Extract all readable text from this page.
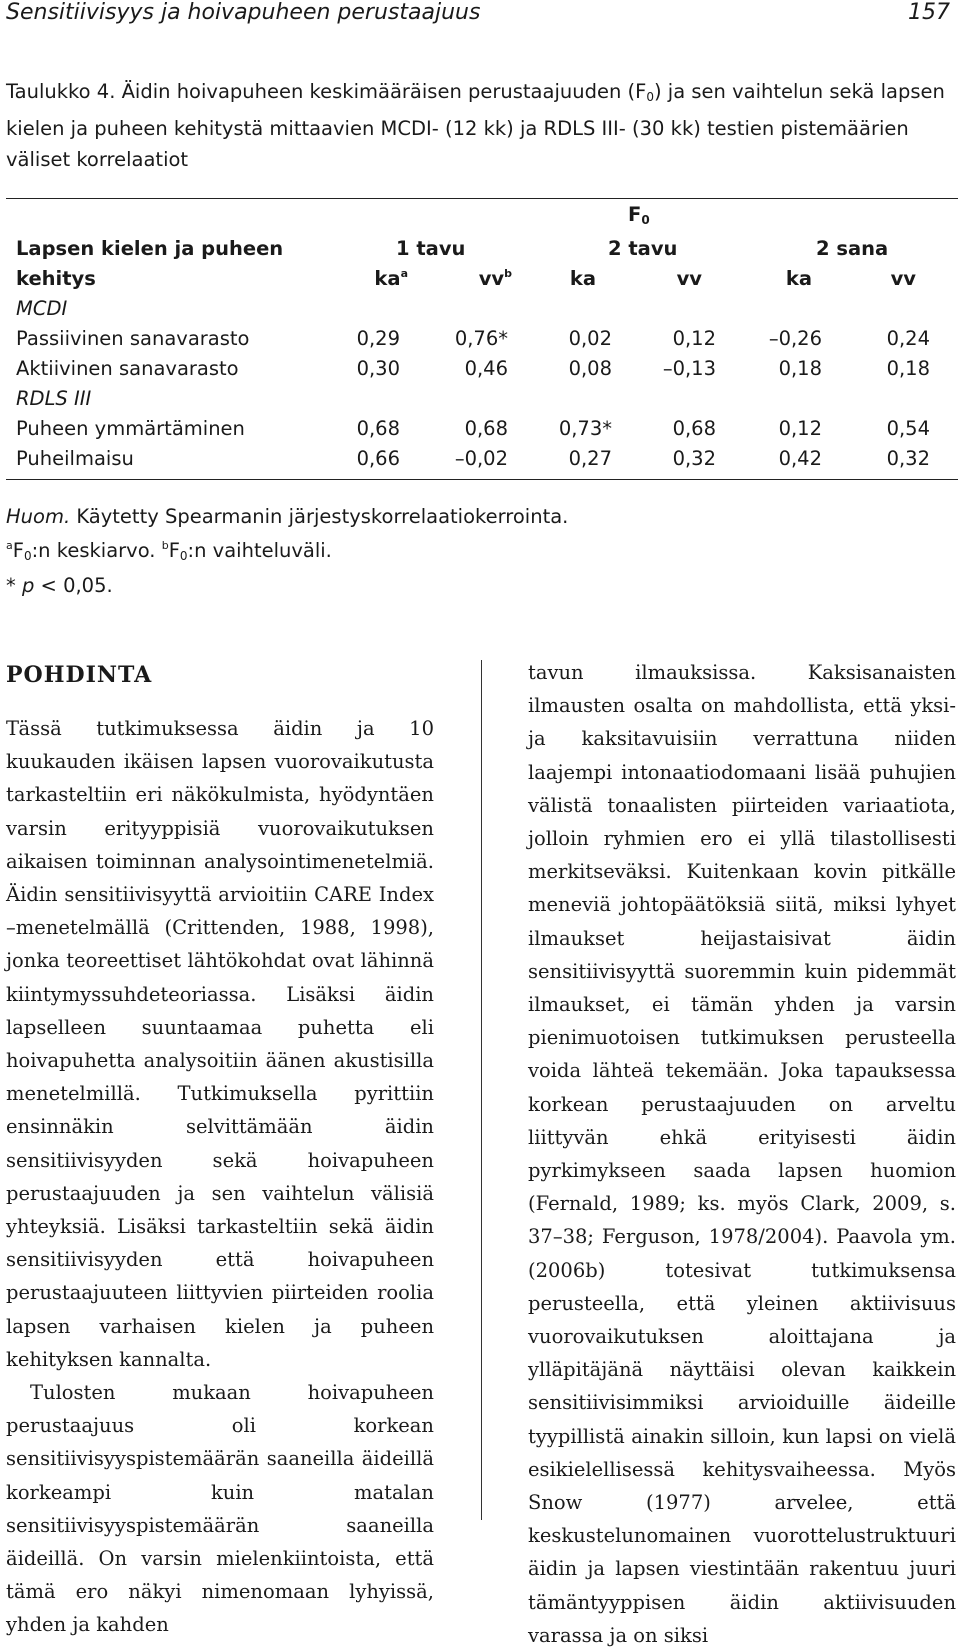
Sensitiivisyys ja hoivapuheen perustaajuus	157

Taulukko 4. Äidin hoivapuheen keskimääräisen perustaajuuden $(F_0)$ ja sen vaihtelun sekä lapsen

kielen ja puheen kehitystä mittaavien MCDI- (12 kk) ja RDLS III- (30 kk) testien pistemäärien

väliset korrelaatiot

$F_0$
Lapsen kielen ja puheen
kehitys
1 tavu	2 tavu	2 sana
$ka^a$	$vv^b$	ka	vv	ka	vv
MCDI
Passiivinen sanavarasto	0,29	0,76*	0,02	0,12	–0,26	0,24
Aktiivinen sanavarasto	0,30	0,46	0,08	–0,13	0,18	0,18
RDLS III
Puheen ymmärtäminen	0,68	0,68	0,73*	0,68	0,12	0,54
Puheilmaisu	0,66	–0,02	0,27	0,32	0,42	0,32
Huom. Käytetty Spearmanin järjestyskorrelaatiokerrointa.
$^aF_0:n$ keskiarvo. $^bF_0:n$ vaihteluväli.
* p < 0,05.

POHDINTA

Tässä tutkimuksessa äidin ja 10 kuukauden ikäisen lapsen vuorovaikutusta tarkasteltiin eri näkökulmista, hyödyntäen varsin erityyppisiä vuorovaikutuksen aikaisen toiminnan analysointimenetelmiä. Äidin sensitiivisyyttä arvioitiin CARE Index –menetelmällä (Crittenden, 1988, 1998), jonka teoreettiset lähtökohdat ovat lähinnä kiintymyssuhdeteoriassa. Lisäksi äidin lapselleen suuntaamaa puhetta eli hoivapuhetta analysoitiin äänen akustisilla menetelmillä. Tutkimuksella pyrittiin ensinnäkin selvittämään äidin sensitiivisyyden sekä hoivapuheen perustaajuuden ja sen vaihtelun välisiä yhteyksiä. Lisäksi tarkasteltiin sekä äidin sensitiivisyyden että hoivapuheen perustaajuuteen liittyvien piirteiden roolia lapsen varhaisen kielen ja puheen kehityksen kannalta.

Tulosten mukaan hoivapuheen perustaajuus oli korkean sensitiivisyyspistemäärän saaneilla äideillä korkeampi kuin matalan sensitiivisyyspistemäärän saaneilla äideillä. On varsin mielenkiintoista, että tämä ero näkyi nimenomaan lyhyissä, yhden ja kahden

tavun ilmauksissa. Kaksisanaisten ilmausten osalta on mahdollista, että yksi- ja kaksitavuisiin verrattuna niiden laajempi intonaatiodomaani lisää puhujien välistä tonaalisten piirteiden variaatiota, jolloin ryhmien ero ei yllä tilastollisesti merkitseväksi. Kuitenkaan kovin pitkälle meneviä johtopäätöksiä siitä, miksi lyhyet ilmaukset heijastaisivat äidin sensitiivisyyttä suoremmin kuin pidemmät ilmaukset, ei tämän yhden ja varsin pienimuotoisen tutkimuksen perusteella voida lähteä tekemään. Joka tapauksessa korkean perustaajuuden on arveltu liittyvän ehkä erityisesti äidin pyrkimykseen saada lapsen huomion (Fernald, 1989; ks. myös Clark, 2009, s. 37–38; Ferguson, 1978/2004). Paavola ym. (2006b) totesivat tutkimuksensa perusteella, että yleinen aktiivisuus vuorovaikutuksen aloittajana ja ylläpitäjänä näyttäisi olevan kaikkein sensitiivisimmiksi arvioiduille äideille tyypillistä ainakin silloin, kun lapsi on vielä esikielellisessä kehitysvaiheessa. Myös Snow (1977) arvelee, että keskustelunomainen vuorottelustruktuuri äidin ja lapsen viestintään rakentuu juuri tämäntyyppisen äidin aktiivisuuden varassa ja on siksi
